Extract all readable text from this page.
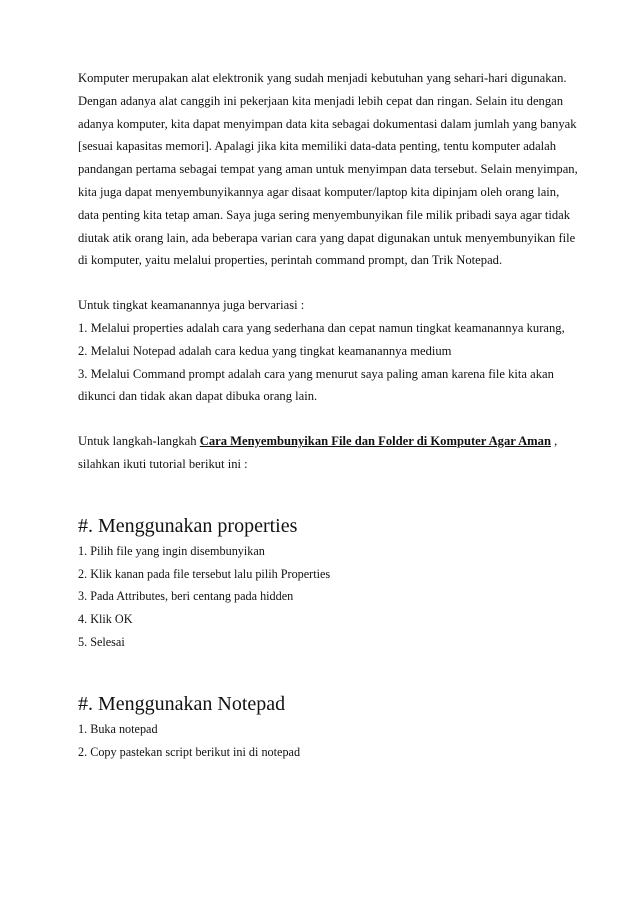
Komputer merupakan alat elektronik yang sudah menjadi kebutuhan yang sehari-hari digunakan. Dengan adanya alat canggih ini pekerjaan kita menjadi lebih cepat dan ringan. Selain itu dengan adanya komputer, kita dapat menyimpan data kita sebagai dokumentasi dalam jumlah yang banyak [sesuai kapasitas memori]. Apalagi jika kita memiliki data-data penting, tentu komputer adalah pandangan pertama sebagai tempat yang aman untuk menyimpan data tersebut. Selain menyimpan, kita juga dapat menyembunyikannya agar disaat komputer/laptop kita dipinjam oleh orang lain, data penting kita tetap aman. Saya juga sering menyembunyikan file milik pribadi saya agar tidak diutak atik orang lain, ada beberapa varian cara yang dapat digunakan untuk menyembunyikan file di komputer, yaitu melalui properties, perintah command prompt, dan Trik Notepad.

Untuk tingkat keamanannya juga bervariasi :

1. Melalui properties adalah cara yang sederhana dan cepat namun tingkat keamanannya kurang,

2. Melalui Notepad adalah cara kedua yang tingkat keamanannya medium

3. Melalui Command prompt adalah cara yang menurut saya paling aman karena file kita akan dikunci dan tidak akan dapat dibuka orang lain.

Untuk langkah-langkah Cara Menyembunyikan File dan Folder di Komputer Agar Aman , silahkan ikuti tutorial berikut ini :

#. Menggunakan properties

1. Pilih file yang ingin disembunyikan

2. Klik kanan pada file tersebut lalu pilih Properties

3. Pada Attributes, beri centang pada hidden

4. Klik OK

5. Selesai

#. Menggunakan Notepad

1. Buka notepad

2. Copy pastekan script berikut ini di notepad
